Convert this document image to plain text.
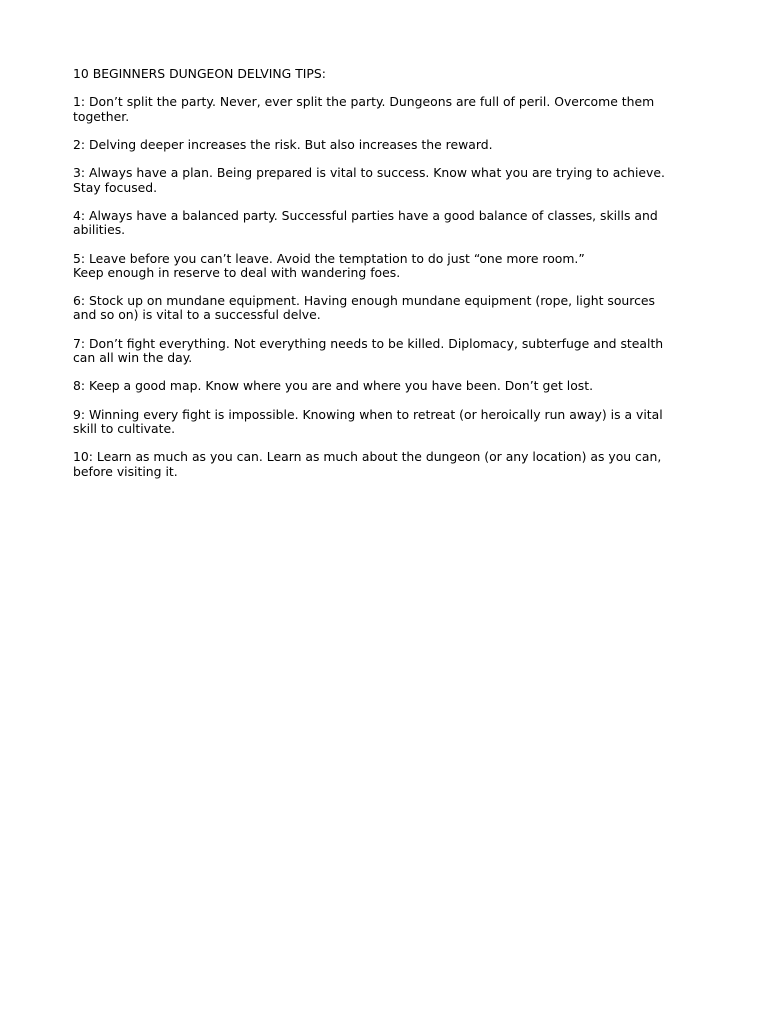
10 BEGINNERS DUNGEON DELVING TIPS:

1: Don’t split the party. Never, ever split the party. Dungeons are full of peril. Overcome them
together.

2: Delving deeper increases the risk. But also increases the reward.

3: Always have a plan. Being prepared is vital to success. Know what you are trying to achieve.
Stay focused.

4: Always have a balanced party. Successful parties have a good balance of classes, skills and
abilities.

5: Leave before you can’t leave. Avoid the temptation to do just “one more room.”
Keep enough in reserve to deal with wandering foes.

6: Stock up on mundane equipment. Having enough mundane equipment (rope, light sources
and so on) is vital to a successful delve.

7: Don’t fight everything. Not everything needs to be killed. Diplomacy, subterfuge and stealth
can all win the day.

8: Keep a good map. Know where you are and where you have been. Don’t get lost.

9: Winning every fight is impossible. Knowing when to retreat (or heroically run away) is a vital
skill to cultivate.

10: Learn as much as you can. Learn as much about the dungeon (or any location) as you can,
before visiting it.
